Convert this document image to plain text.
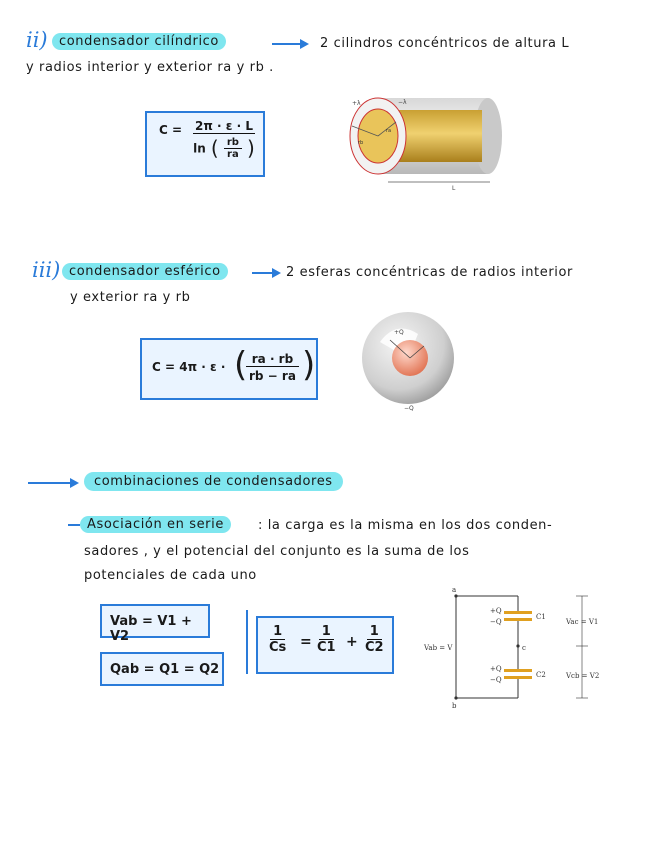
ii) condensador cilíndrico	2 cilindros concéntricos de altura L
y radios interior y exterior ra y rb .
C = 2π · ε · L
ln ( $\frac{rb}{ra}$ )
+λ	−λ
L
ra
rb
iii) condensador esférico	2 esferas concéntricas de radios interior
y exterior ra y rb
C = 4π · ε · (
$\frac{ra \cdot rb}{rb - ra}$ )
+Q
−Q
combinaciones de condensadores
Asociación en serie	: la carga es la misma en los dos conden-
sadores , y el potencial del conjunto es la suma de los
potenciales de cada uno
Vab = V1 + V2
Qab = Q1 = Q2
$\frac{1}{Cs} = \frac{1}{C1} + \frac{1}{C2}$
a
b
c
C1
C2
+Q
−Q
+Q
−Q
Vab = V
Vac = V1
Vcb = V2
